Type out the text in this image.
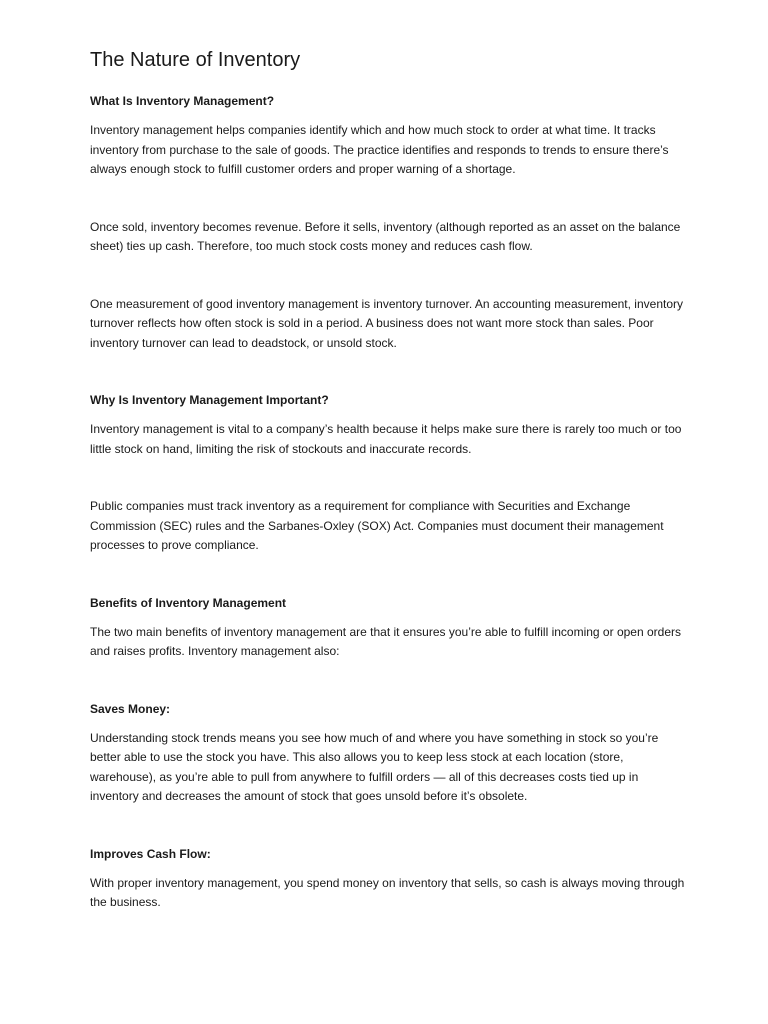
The Nature of Inventory
What Is Inventory Management?

Inventory management helps companies identify which and how much stock to order at what time. It tracks inventory from purchase to the sale of goods. The practice identifies and responds to trends to ensure there’s always enough stock to fulfill customer orders and proper warning of a shortage.

Once sold, inventory becomes revenue. Before it sells, inventory (although reported as an asset on the balance sheet) ties up cash. Therefore, too much stock costs money and reduces cash flow.

One measurement of good inventory management is inventory turnover. An accounting measurement, inventory turnover reflects how often stock is sold in a period. A business does not want more stock than sales. Poor inventory turnover can lead to deadstock, or unsold stock.

Why Is Inventory Management Important?

Inventory management is vital to a company’s health because it helps make sure there is rarely too much or too little stock on hand, limiting the risk of stockouts and inaccurate records.

Public companies must track inventory as a requirement for compliance with Securities and Exchange Commission (SEC) rules and the Sarbanes-Oxley (SOX) Act. Companies must document their management processes to prove compliance.

Benefits of Inventory Management

The two main benefits of inventory management are that it ensures you’re able to fulfill incoming or open orders and raises profits. Inventory management also:

Saves Money:

Understanding stock trends means you see how much of and where you have something in stock so you’re better able to use the stock you have. This also allows you to keep less stock at each location (store, warehouse), as you’re able to pull from anywhere to fulfill orders — all of this decreases costs tied up in inventory and decreases the amount of stock that goes unsold before it’s obsolete.

Improves Cash Flow:

With proper inventory management, you spend money on inventory that sells, so cash is always moving through the business.
